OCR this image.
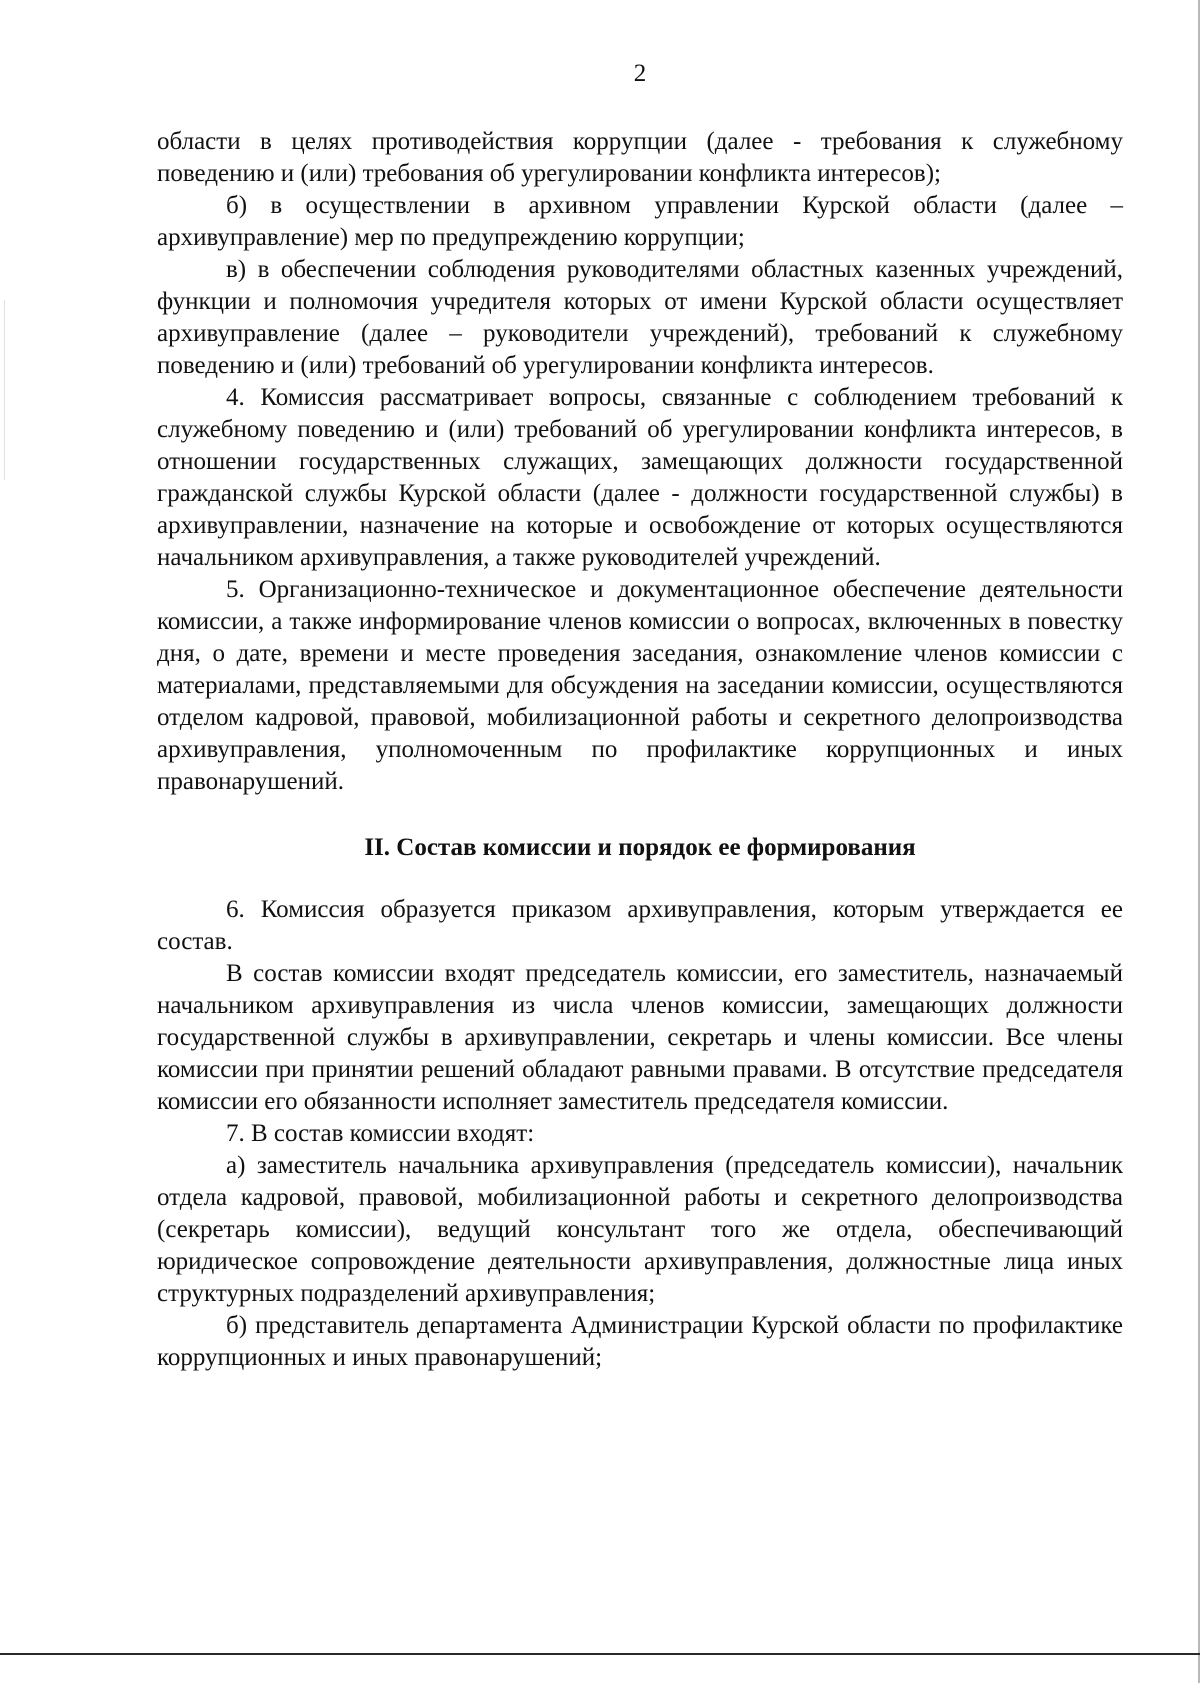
2

области в целях противодействия коррупции (далее - требования к служебному поведению и (или) требования об урегулировании конфликта интересов);

б) в осуществлении в архивном управлении Курской области (далее – архивуправление) мер по предупреждению коррупции;

в) в обеспечении соблюдения руководителями областных казенных учреждений, функции и полномочия учредителя которых от имени Курской области осуществляет архивуправление (далее – руководители учреждений), требований к служебному поведению и (или) требований об урегулировании конфликта интересов.

4. Комиссия рассматривает вопросы, связанные с соблюдением требований к служебному поведению и (или) требований об урегулировании конфликта интересов, в отношении государственных служащих, замещающих должности государственной гражданской службы Курской области (далее - должности государственной службы) в архивуправлении, назначение на которые и освобождение от которых осуществляются начальником архивуправления, а также руководителей учреждений.

5. Организационно-техническое и документационное обеспечение деятельности комиссии, а также информирование членов комиссии о вопросах, включенных в повестку дня, о дате, времени и месте проведения заседания, ознакомление членов комиссии с материалами, представляемыми для обсуждения на заседании комиссии, осуществляются отделом кадровой, правовой, мобилизационной работы и секретного делопроизводства архивуправления, уполномоченным по профилактике коррупционных и иных правонарушений.

II. Состав комиссии и порядок ее формирования

6. Комиссия образуется приказом архивуправления, которым утверждается ее состав.

В состав комиссии входят председатель комиссии, его заместитель, назначаемый начальником архивуправления из числа членов комиссии, замещающих должности государственной службы в архивуправлении, секретарь и члены комиссии. Все члены комиссии при принятии решений обладают равными правами. В отсутствие председателя комиссии его обязанности исполняет заместитель председателя комиссии.

7. В состав комиссии входят:

а) заместитель начальника архивуправления (председатель комиссии), начальник отдела кадровой, правовой, мобилизационной работы и секретного делопроизводства (секретарь комиссии), ведущий консультант того же отдела, обеспечивающий юридическое сопровождение деятельности архивуправления, должностные лица иных структурных подразделений архивуправления;

б) представитель департамента Администрации Курской области по профилактике коррупционных и иных правонарушений;
